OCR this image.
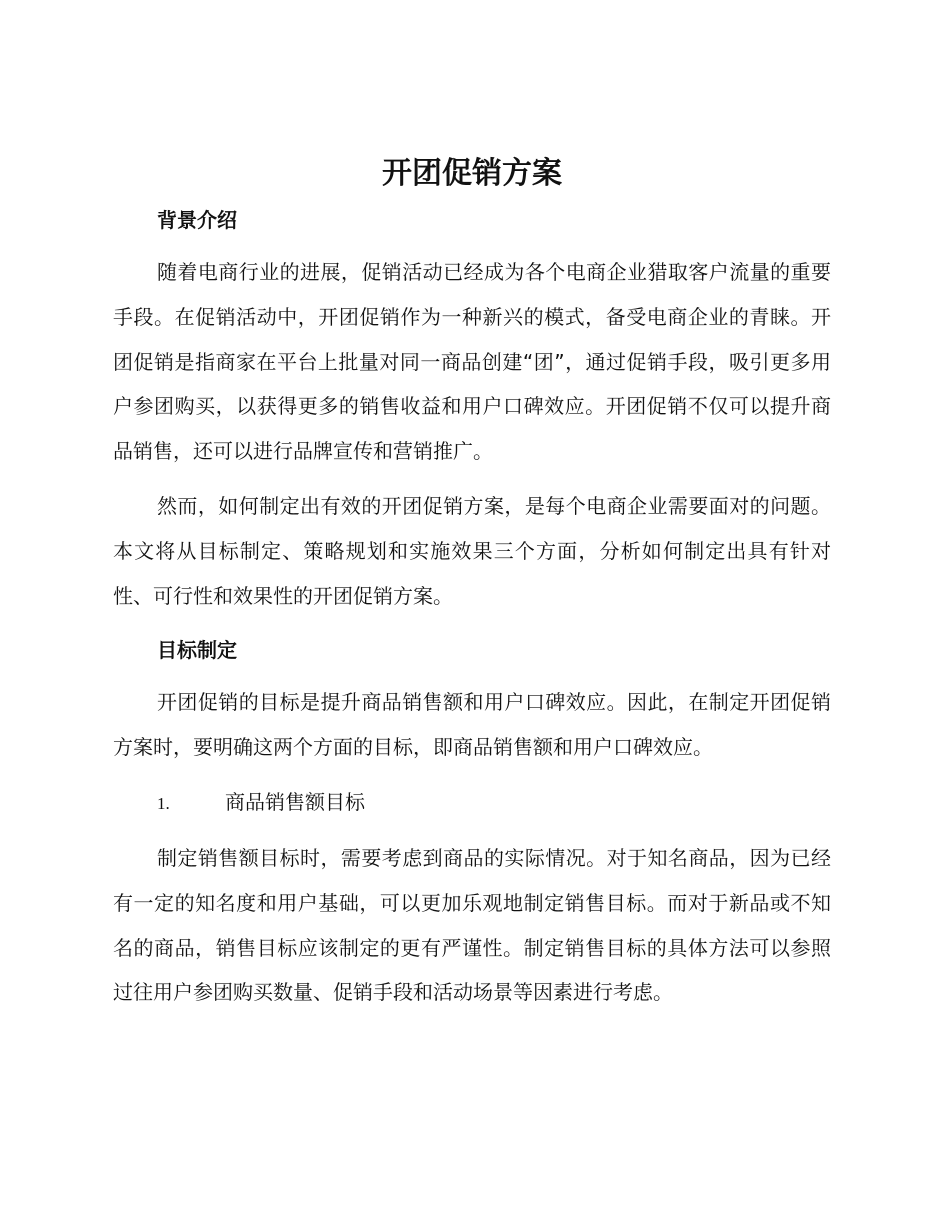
开团促销方案
背景介绍

随着电商行业的进展，促销活动已经成为各个电商企业猎取客户流量的重要手段。在促销活动中，开团促销作为一种新兴的模式，备受电商企业的青睐。开团促销是指商家在平台上批量对同一商品创建“团”，通过促销手段，吸引更多用户参团购买，以获得更多的销售收益和用户口碑效应。开团促销不仅可以提升商品销售，还可以进行品牌宣传和营销推广。

然而，如何制定出有效的开团促销方案，是每个电商企业需要面对的问题。本文将从目标制定、策略规划和实施效果三个方面，分析如何制定出具有针对性、可行性和效果性的开团促销方案。

目标制定

开团促销的目标是提升商品销售额和用户口碑效应。因此，在制定开团促销方案时，要明确这两个方面的目标，即商品销售额和用户口碑效应。

1.	商品销售额目标

制定销售额目标时，需要考虑到商品的实际情况。对于知名商品，因为已经有一定的知名度和用户基础，可以更加乐观地制定销售目标。而对于新品或不知名的商品，销售目标应该制定的更有严谨性。制定销售目标的具体方法可以参照过往用户参团购买数量、促销手段和活动场景等因素进行考虑。
